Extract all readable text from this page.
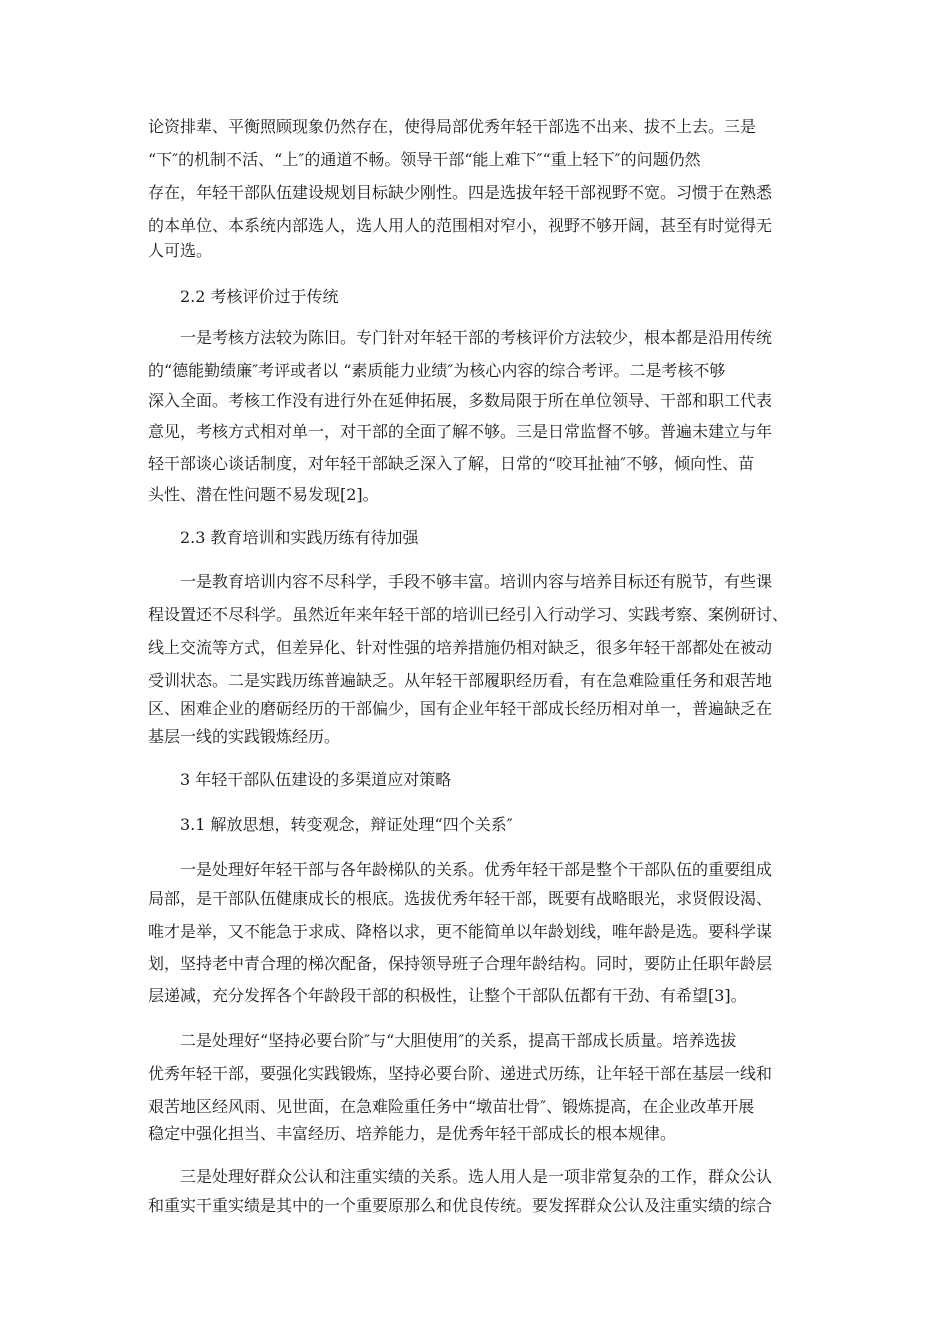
论资排辈、平衡照顾现象仍然存在，使得局部优秀年轻干部选不出来、拔不上去。三是
“下″的机制不活、“上″的通道不畅。领导干部“能上难下″“重上轻下″的问题仍然
存在，年轻干部队伍建设规划目标缺少刚性。四是选拔年轻干部视野不宽。习惯于在熟悉
的本单位、本系统内部选人，选人用人的范围相对窄小，视野不够开阔，甚至有时觉得无
人可选。
2.2 考核评价过于传统
一是考核方法较为陈旧。专门针对年轻干部的考核评价方法较少，根本都是沿用传统
的“德能勤绩廉″考评或者以 “素质能力业绩″为核心内容的综合考评。二是考核不够
深入全面。考核工作没有进行外在延伸拓展，多数局限于所在单位领导、干部和职工代表
意见，考核方式相对单一，对干部的全面了解不够。三是日常监督不够。普遍未建立与年
轻干部谈心谈话制度，对年轻干部缺乏深入了解，日常的“咬耳扯袖″不够，倾向性、苗
头性、潜在性问题不易发现[2]。
2.3 教育培训和实践历练有待加强
一是教育培训内容不尽科学，手段不够丰富。培训内容与培养目标还有脱节，有些课
程设置还不尽科学。虽然近年来年轻干部的培训已经引入行动学习、实践考察、案例研讨、
线上交流等方式，但差异化、针对性强的培养措施仍相对缺乏，很多年轻干部都处在被动
受训状态。二是实践历练普遍缺乏。从年轻干部履职经历看，有在急难险重任务和艰苦地
区、困难企业的磨砺经历的干部偏少，国有企业年轻干部成长经历相对单一，普遍缺乏在
基层一线的实践锻炼经历。
3 年轻干部队伍建设的多渠道应对策略
3.1 解放思想，转变观念，辩证处理“四个关系″
一是处理好年轻干部与各年龄梯队的关系。优秀年轻干部是整个干部队伍的重要组成
局部，是干部队伍健康成长的根底。选拔优秀年轻干部，既要有战略眼光，求贤假设渴、
唯才是举，又不能急于求成、降格以求，更不能简单以年龄划线，唯年龄是选。要科学谋
划，坚持老中青合理的梯次配备，保持领导班子合理年龄结构。同时，要防止任职年龄层
层递减，充分发挥各个年龄段干部的积极性，让整个干部队伍都有干劲、有希望[3]。
二是处理好“坚持必要台阶″与“大胆使用″的关系，提高干部成长质量。培养选拔
优秀年轻干部，要强化实践锻炼，坚持必要台阶、递进式历练，让年轻干部在基层一线和
艰苦地区经风雨、见世面，在急难险重任务中“墩苗壮骨″、锻炼提高，在企业改革开展
稳定中强化担当、丰富经历、培养能力，是优秀年轻干部成长的根本规律。
三是处理好群众公认和注重实绩的关系。选人用人是一项非常复杂的工作，群众公认
和重实干重实绩是其中的一个重要原那么和优良传统。要发挥群众公认及注重实绩的综合
